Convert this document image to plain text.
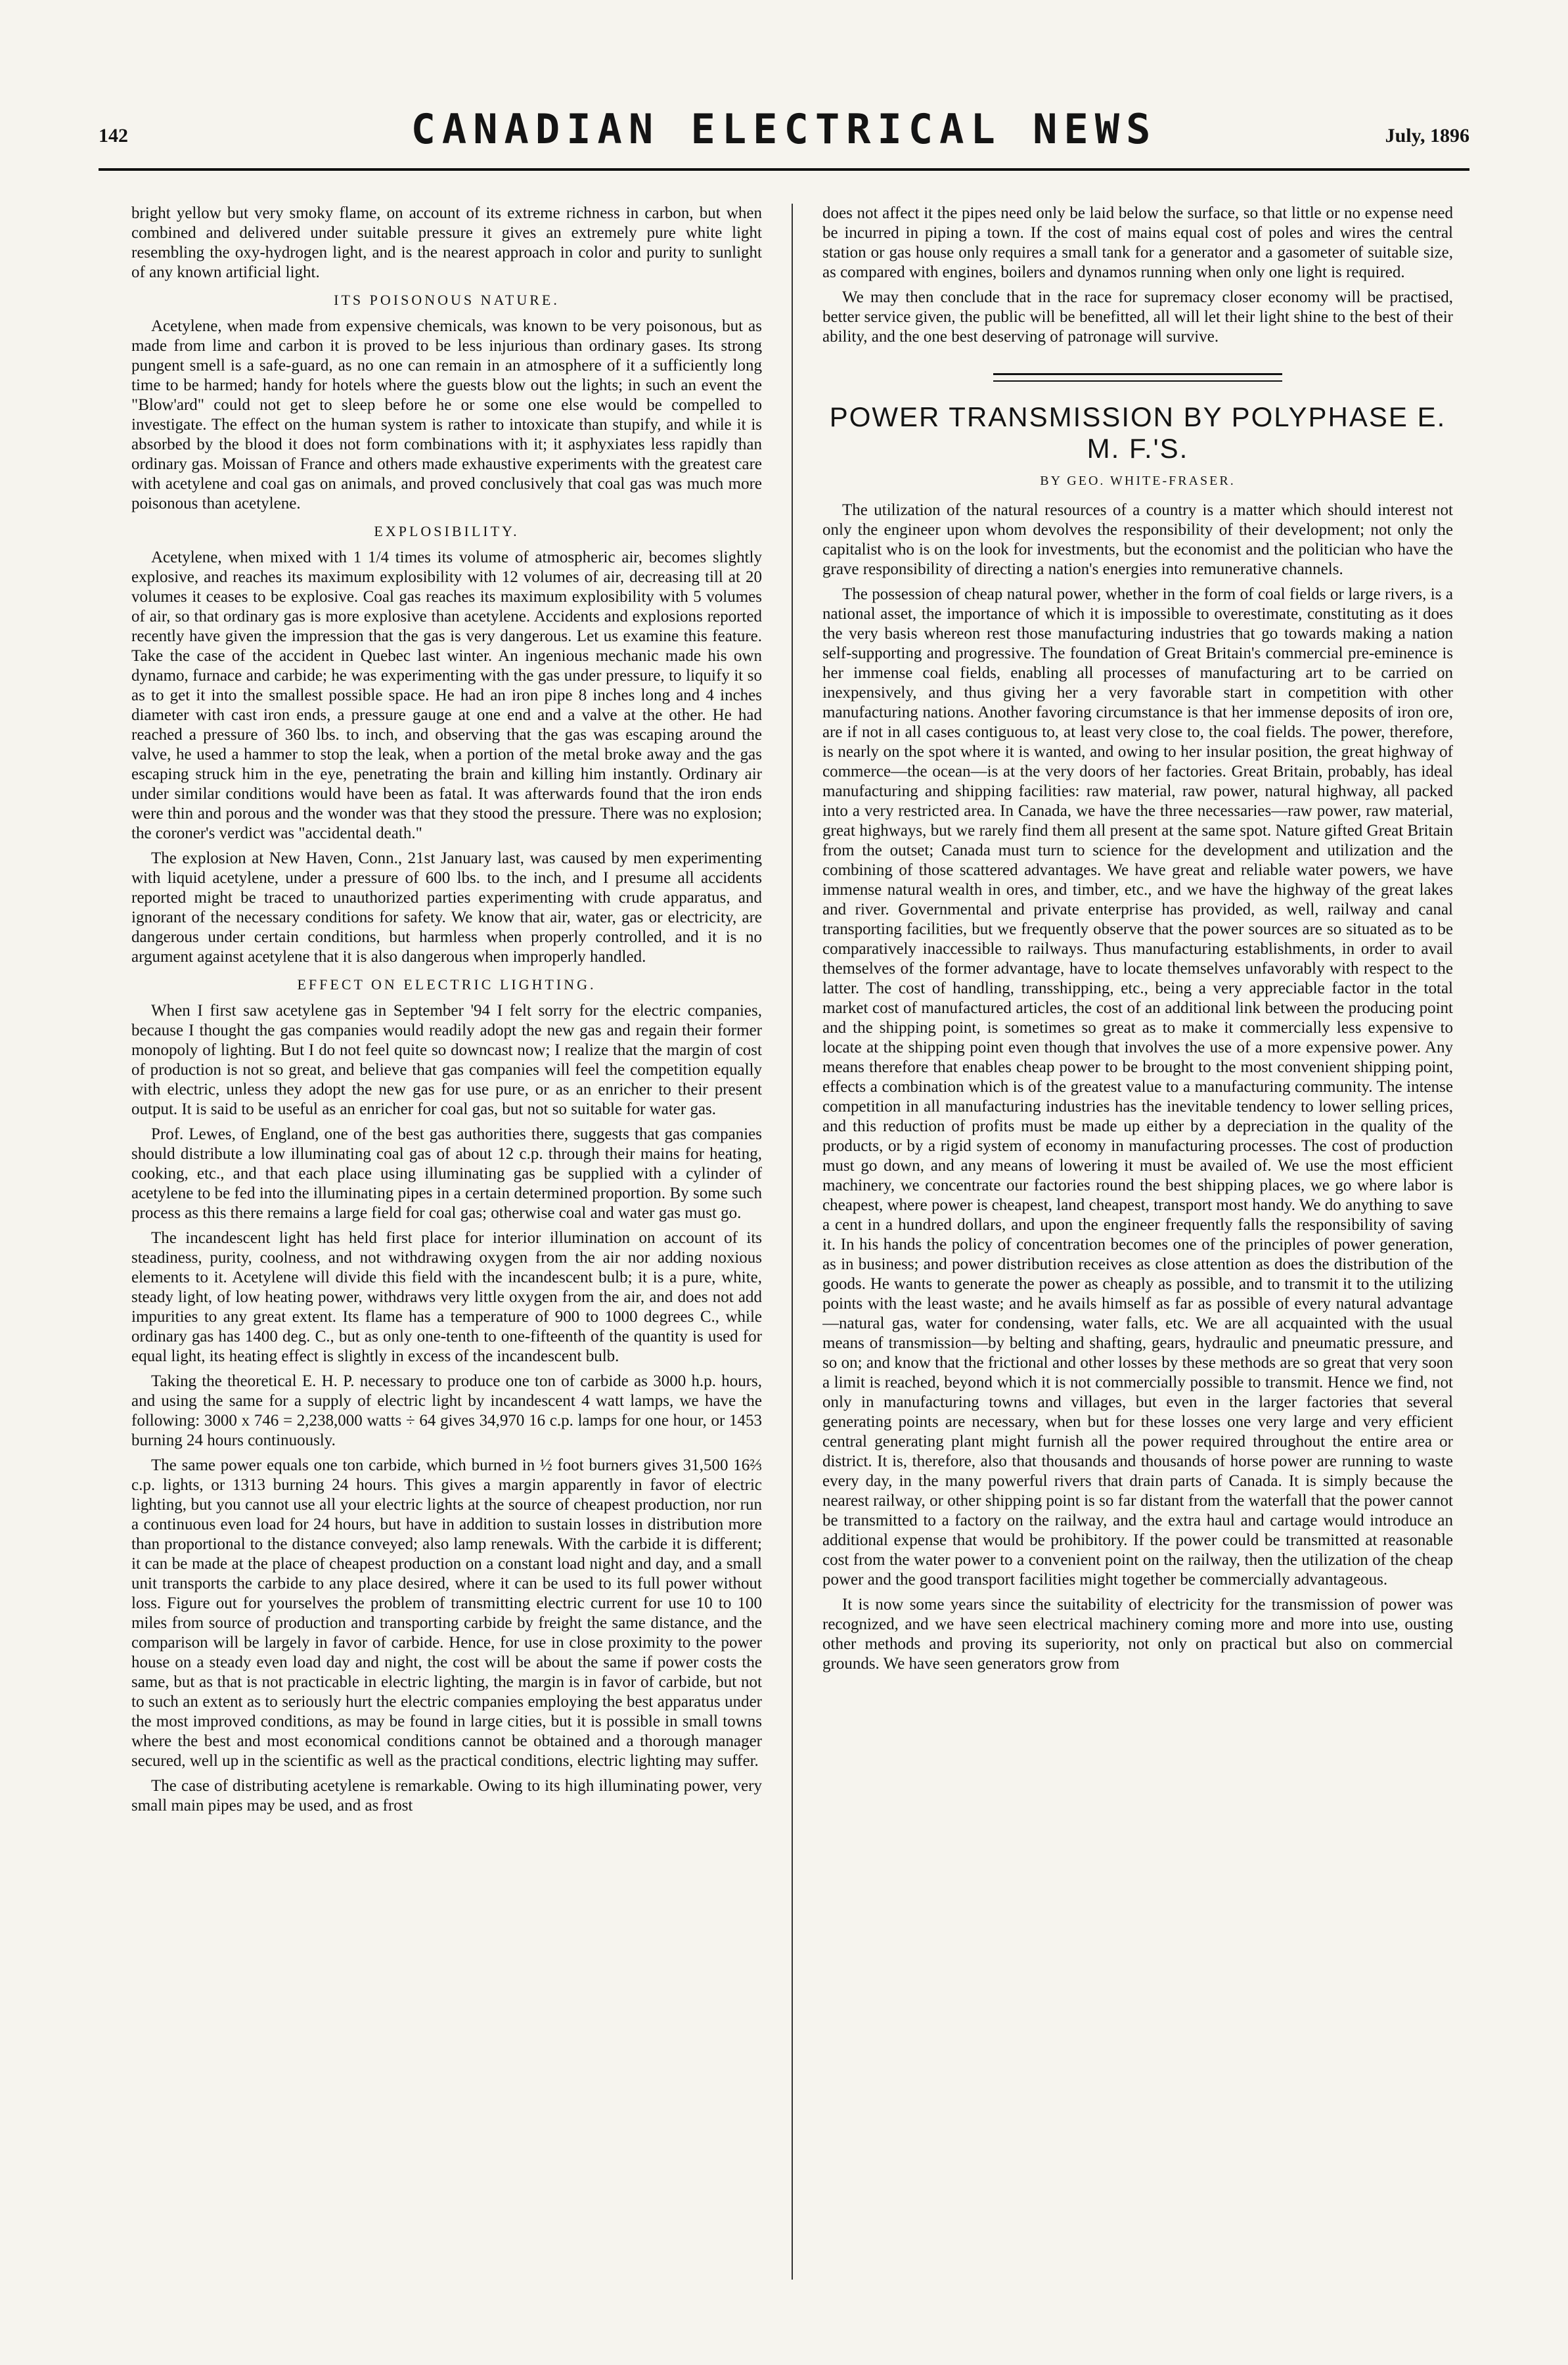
142	CANADIAN ELECTRICAL NEWS	July, 1896

bright yellow but very smoky flame, on account of its extreme richness in carbon, but when combined and delivered under suitable pressure it gives an extremely pure white light resembling the oxy-hydrogen light, and is the nearest approach in color and purity to sunlight of any known artificial light.

ITS POISONOUS NATURE.

Acetylene, when made from expensive chemicals, was known to be very poisonous, but as made from lime and carbon it is proved to be less injurious than ordinary gases. Its strong pungent smell is a safe-guard, as no one can remain in an atmosphere of it a sufficiently long time to be harmed; handy for hotels where the guests blow out the lights; in such an event the "Blow'ard" could not get to sleep before he or some one else would be compelled to investigate. The effect on the human system is rather to intoxicate than stupify, and while it is absorbed by the blood it does not form combinations with it; it asphyxiates less rapidly than ordinary gas. Moissan of France and others made exhaustive experiments with the greatest care with acetylene and coal gas on animals, and proved conclusively that coal gas was much more poisonous than acetylene.

EXPLOSIBILITY.

Acetylene, when mixed with 1 1/4 times its volume of atmospheric air, becomes slightly explosive, and reaches its maximum explosibility with 12 volumes of air, decreasing till at 20 volumes it ceases to be explosive. Coal gas reaches its maximum explosibility with 5 volumes of air, so that ordinary gas is more explosive than acetylene. Accidents and explosions reported recently have given the impression that the gas is very dangerous. Let us examine this feature. Take the case of the accident in Quebec last winter. An ingenious mechanic made his own dynamo, furnace and carbide; he was experimenting with the gas under pressure, to liquify it so as to get it into the smallest possible space. He had an iron pipe 8 inches long and 4 inches diameter with cast iron ends, a pressure gauge at one end and a valve at the other. He had reached a pressure of 360 lbs. to inch, and observing that the gas was escaping around the valve, he used a hammer to stop the leak, when a portion of the metal broke away and the gas escaping struck him in the eye, penetrating the brain and killing him instantly. Ordinary air under similar conditions would have been as fatal. It was afterwards found that the iron ends were thin and porous and the wonder was that they stood the pressure. There was no explosion; the coroner's verdict was "accidental death."

The explosion at New Haven, Conn., 21st January last, was caused by men experimenting with liquid acetylene, under a pressure of 600 lbs. to the inch, and I presume all accidents reported might be traced to unauthorized parties experimenting with crude apparatus, and ignorant of the necessary conditions for safety. We know that air, water, gas or electricity, are dangerous under certain conditions, but harmless when properly controlled, and it is no argument against acetylene that it is also dangerous when improperly handled.

EFFECT ON ELECTRIC LIGHTING.

When I first saw acetylene gas in September '94 I felt sorry for the electric companies, because I thought the gas companies would readily adopt the new gas and regain their former monopoly of lighting. But I do not feel quite so downcast now; I realize that the margin of cost of production is not so great, and believe that gas companies will feel the competition equally with electric, unless they adopt the new gas for use pure, or as an enricher to their present output. It is said to be useful as an enricher for coal gas, but not so suitable for water gas.

Prof. Lewes, of England, one of the best gas authorities there, suggests that gas companies should distribute a low illuminating coal gas of about 12 c.p. through their mains for heating, cooking, etc., and that each place using illuminating gas be supplied with a cylinder of acetylene to be fed into the illuminating pipes in a certain determined proportion. By some such process as this there remains a large field for coal gas; otherwise coal and water gas must go.

The incandescent light has held first place for interior illumination on account of its steadiness, purity, coolness, and not withdrawing oxygen from the air nor adding noxious elements to it. Acetylene will divide this field with the incandescent bulb; it is a pure, white, steady light, of low heating power, withdraws very little oxygen from the air, and does not add impurities to any great extent. Its flame has a temperature of 900 to 1000 degrees C., while ordinary gas has 1400 deg. C., but as only one-tenth to one-fifteenth of the quantity is used for equal light, its heating effect is slightly in excess of the incandescent bulb.

Taking the theoretical E. H. P. necessary to produce one ton of carbide as 3000 h.p. hours, and using the same for a supply of electric light by incandescent 4 watt lamps, we have the following: 3000 x 746 = 2,238,000 watts ÷ 64 gives 34,970 16 c.p. lamps for one hour, or 1453 burning 24 hours continuously.

The same power equals one ton carbide, which burned in ½ foot burners gives 31,500 16⅔ c.p. lights, or 1313 burning 24 hours. This gives a margin apparently in favor of electric lighting, but you cannot use all your electric lights at the source of cheapest production, nor run a continuous even load for 24 hours, but have in addition to sustain losses in distribution more than proportional to the distance conveyed; also lamp renewals. With the carbide it is different; it can be made at the place of cheapest production on a constant load night and day, and a small unit transports the carbide to any place desired, where it can be used to its full power without loss. Figure out for yourselves the problem of transmitting electric current for use 10 to 100 miles from source of production and transporting carbide by freight the same distance, and the comparison will be largely in favor of carbide. Hence, for use in close proximity to the power house on a steady even load day and night, the cost will be about the same if power costs the same, but as that is not practicable in electric lighting, the margin is in favor of carbide, but not to such an extent as to seriously hurt the electric companies employing the best apparatus under the most improved conditions, as may be found in large cities, but it is possible in small towns where the best and most economical conditions cannot be obtained and a thorough manager secured, well up in the scientific as well as the practical conditions, electric lighting may suffer.

The case of distributing acetylene is remarkable. Owing to its high illuminating power, very small main pipes may be used, and as frost

does not affect it the pipes need only be laid below the surface, so that little or no expense need be incurred in piping a town. If the cost of mains equal cost of poles and wires the central station or gas house only requires a small tank for a generator and a gasometer of suitable size, as compared with engines, boilers and dynamos running when only one light is required.

We may then conclude that in the race for supremacy closer economy will be practised, better service given, the public will be benefitted, all will let their light shine to the best of their ability, and the one best deserving of patronage will survive.

POWER TRANSMISSION BY POLYPHASE E. M. F.'S.
BY GEO. WHITE-FRASER.

The utilization of the natural resources of a country is a matter which should interest not only the engineer upon whom devolves the responsibility of their development; not only the capitalist who is on the look for investments, but the economist and the politician who have the grave responsibility of directing a nation's energies into remunerative channels.

The possession of cheap natural power, whether in the form of coal fields or large rivers, is a national asset, the importance of which it is impossible to overestimate, constituting as it does the very basis whereon rest those manufacturing industries that go towards making a nation self-supporting and progressive. The foundation of Great Britain's commercial pre-eminence is her immense coal fields, enabling all processes of manufacturing art to be carried on inexpensively, and thus giving her a very favorable start in competition with other manufacturing nations. Another favoring circumstance is that her immense deposits of iron ore, are if not in all cases contiguous to, at least very close to, the coal fields. The power, therefore, is nearly on the spot where it is wanted, and owing to her insular position, the great highway of commerce—the ocean—is at the very doors of her factories. Great Britain, probably, has ideal manufacturing and shipping facilities: raw material, raw power, natural highway, all packed into a very restricted area. In Canada, we have the three necessaries—raw power, raw material, great highways, but we rarely find them all present at the same spot. Nature gifted Great Britain from the outset; Canada must turn to science for the development and utilization and the combining of those scattered advantages. We have great and reliable water powers, we have immense natural wealth in ores, and timber, etc., and we have the highway of the great lakes and river. Governmental and private enterprise has provided, as well, railway and canal transporting facilities, but we frequently observe that the power sources are so situated as to be comparatively inaccessible to railways. Thus manufacturing establishments, in order to avail themselves of the former advantage, have to locate themselves unfavorably with respect to the latter. The cost of handling, transshipping, etc., being a very appreciable factor in the total market cost of manufactured articles, the cost of an additional link between the producing point and the shipping point, is sometimes so great as to make it commercially less expensive to locate at the shipping point even though that involves the use of a more expensive power. Any means therefore that enables cheap power to be brought to the most convenient shipping point, effects a combination which is of the greatest value to a manufacturing community. The intense competition in all manufacturing industries has the inevitable tendency to lower selling prices, and this reduction of profits must be made up either by a depreciation in the quality of the products, or by a rigid system of economy in manufacturing processes. The cost of production must go down, and any means of lowering it must be availed of. We use the most efficient machinery, we concentrate our factories round the best shipping places, we go where labor is cheapest, where power is cheapest, land cheapest, transport most handy. We do anything to save a cent in a hundred dollars, and upon the engineer frequently falls the responsibility of saving it. In his hands the policy of concentration becomes one of the principles of power generation, as in business; and power distribution receives as close attention as does the distribution of the goods. He wants to generate the power as cheaply as possible, and to transmit it to the utilizing points with the least waste; and he avails himself as far as possible of every natural advantage—natural gas, water for condensing, water falls, etc. We are all acquainted with the usual means of transmission—by belting and shafting, gears, hydraulic and pneumatic pressure, and so on; and know that the frictional and other losses by these methods are so great that very soon a limit is reached, beyond which it is not commercially possible to transmit. Hence we find, not only in manufacturing towns and villages, but even in the larger factories that several generating points are necessary, when but for these losses one very large and very efficient central generating plant might furnish all the power required throughout the entire area or district. It is, therefore, also that thousands and thousands of horse power are running to waste every day, in the many powerful rivers that drain parts of Canada. It is simply because the nearest railway, or other shipping point is so far distant from the waterfall that the power cannot be transmitted to a factory on the railway, and the extra haul and cartage would introduce an additional expense that would be prohibitory. If the power could be transmitted at reasonable cost from the water power to a convenient point on the railway, then the utilization of the cheap power and the good transport facilities might together be commercially advantageous.

It is now some years since the suitability of electricity for the transmission of power was recognized, and we have seen electrical machinery coming more and more into use, ousting other methods and proving its superiority, not only on practical but also on commercial grounds. We have seen generators grow from
